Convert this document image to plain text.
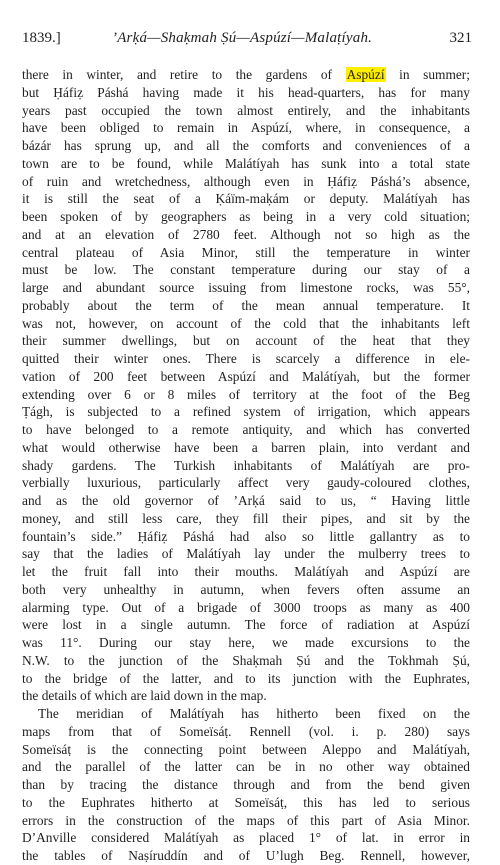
1839.]	’Arḳá—Shaḳmah Ṣú—Aspúzí—Malaṭíyah.	321
there in winter, and retire to the gardens of Aspúzí in summer;
but Ḥáfiẓ Páshá having made it his head-quarters, has for many
years past occupied the town almost entirely, and the inhabitants
have been obliged to remain in Aspúzí, where, in consequence, a
bázár has sprung up, and all the comforts and conveniences of a
town are to be found, while Malátíyah has sunk into a total state
of ruin and wretchedness, although even in Ḥáfiẓ Páshá’s absence,
it is still the seat of a Ḳáïm-maḳám or deputy. Malátíyah has
been spoken of by geographers as being in a very cold situation;
and at an elevation of 2780 feet. Although not so high as the
central plateau of Asia Minor, still the temperature in winter
must be low. The constant temperature during our stay of a
large and abundant source issuing from limestone rocks, was 55°,
probably about the term of the mean annual temperature. It
was not, however, on account of the cold that the inhabitants left
their summer dwellings, but on account of the heat that they
quitted their winter ones. There is scarcely a difference in ele-
vation of 200 feet between Aspúzí and Malátíyah, but the former
extending over 6 or 8 miles of territory at the foot of the Beg
Ṭágh, is subjected to a refined system of irrigation, which appears
to have belonged to a remote antiquity, and which has converted
what would otherwise have been a barren plain, into verdant and
shady gardens. The Turkish inhabitants of Malátíyah are pro-
verbially luxurious, particularly affect very gaudy-coloured clothes,
and as the old governor of ’Arḳá said to us, “ Having little
money, and still less care, they fill their pipes, and sit by the
fountain’s side.” Ḥáfiẓ Páshá had also so little gallantry as to
say that the ladies of Malátíyah lay under the mulberry trees to
let the fruit fall into their mouths. Malátíyah and Aspúzí are
both very unhealthy in autumn, when fevers often assume an
alarming type. Out of a brigade of 3000 troops as many as 400
were lost in a single autumn. The force of radiation at Aspúzí
was 11°. During our stay here, we made excursions to the
N.W. to the junction of the Shaḳmah Ṣú and the Tokhmah Ṣú,
to the bridge of the latter, and to its junction with the Euphrates,
the details of which are laid down in the map.
The meridian of Malátíyah has hitherto been fixed on the
maps from that of Someïsáṭ. Rennell (vol. i. p. 280) says
Someïsáṭ is the connecting point between Aleppo and Malátíyah,
and the parallel of the latter can be in no other way obtained
than by tracing the distance through and from the bend given
to the Euphrates hitherto at Someïsáṭ, this has led to serious
errors in the construction of the maps of this part of Asia Minor.
D’Anville considered Malátíyah as placed 1° of lat. in error in
the tables of Naṣíruddín and of U’lugh Beg. Rennell, however,
